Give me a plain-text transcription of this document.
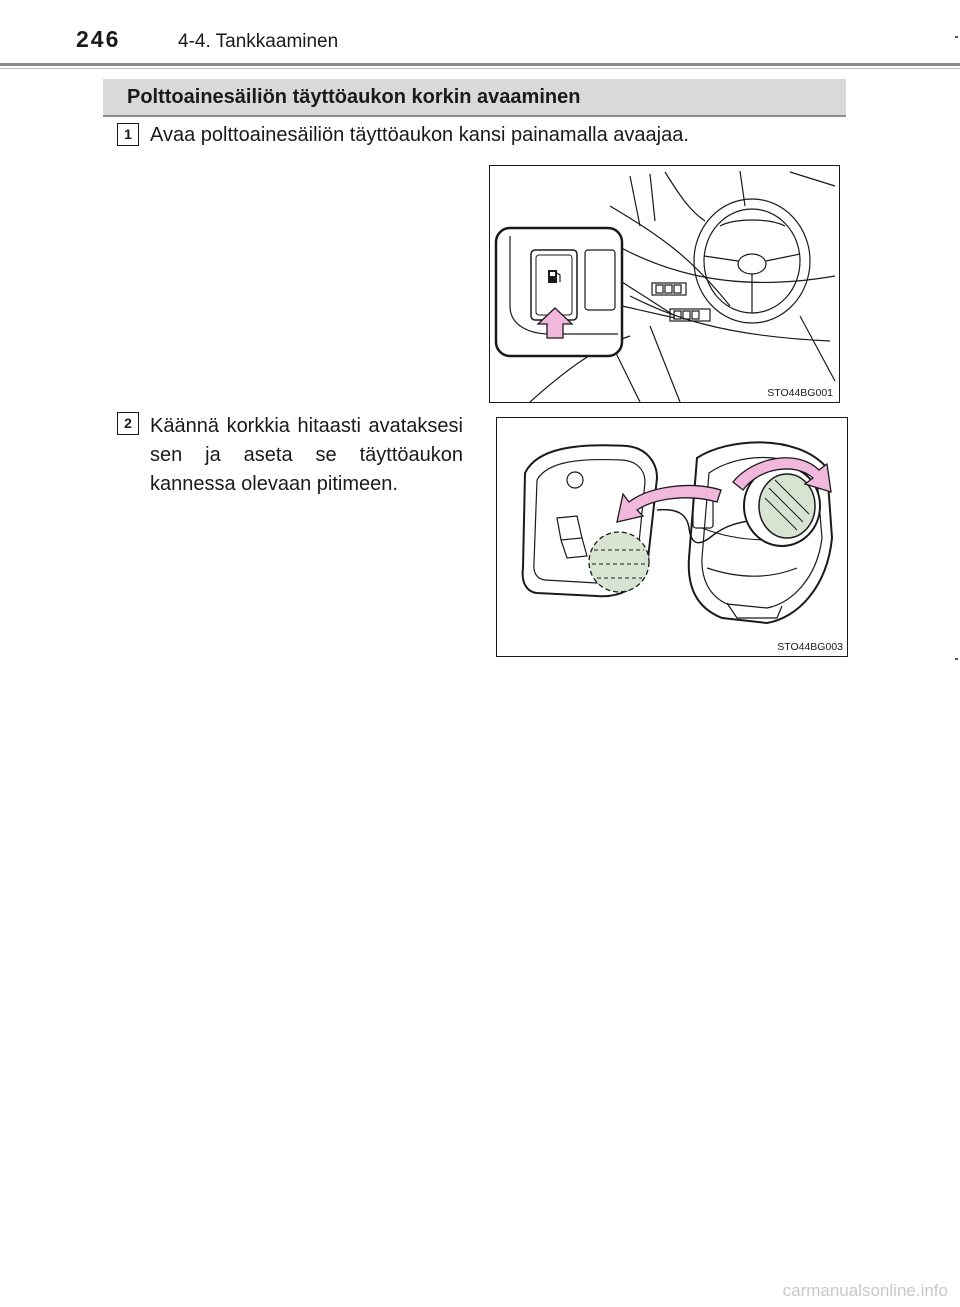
246	4-4. Tankkaaminen
Polttoainesäiliön täyttöaukon korkin avaaminen
1 Avaa polttoainesäiliön täyttöaukon kansi painamalla avaajaa.
STO44BG001
2 Käännä korkkia hitaasti avataksesi sen ja aseta se täyttöaukon kannessa olevaan pitimeen.
STO44BG003
carmanualsonline.info
